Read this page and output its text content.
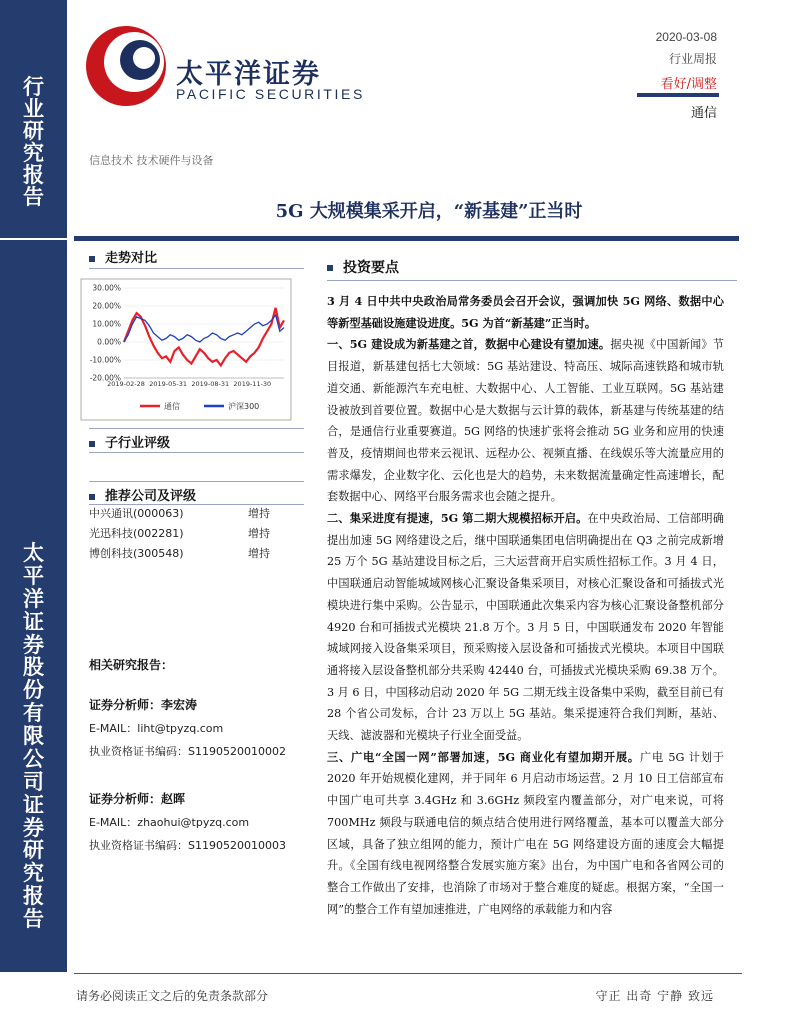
行
业
研
究
报
告
太
平
洋
证
券
股
份
有
限
公
司
证
券
研
究
报
告
太平洋证券
PACIFIC SECURITIES
2020-03-08
行业周报
看好/调整
通信
信息技术 技术硬件与设备
5G 大规模集采开启，“新基建”正当时
走势对比
30.00%
20.00%
10.00%
0.00%
-10.00%
-20.00%
2019-02-28 2019-05-31 2019-08-31 2019-11-30
通信	沪深300
子行业评级
推荐公司及评级
中兴通讯(000063)	增持
光迅科技(002281)	增持
博创科技(300548)	增持
相关研究报告：
证券分析师：李宏涛
E-MAIL：liht@tpyzq.com
执业资格证书编码：S1190520010002
证券分析师：赵晖
E-MAIL：zhaohui@tpyzq.com
执业资格证书编码：S1190520010003
投资要点

3 月 4 日中共中央政治局常务委员会召开会议，强调加快 5G 网络、数据中心等新型基础设施建设进度。5G 为首“新基建”正当时。

一、5G 建设成为新基建之首，数据中心建设有望加速。据央视《中国新闻》节目报道，新基建包括七大领域：5G 基站建设、特高压、城际高速铁路和城市轨道交通、新能源汽车充电桩、大数据中心、人工智能、工业互联网。5G 基站建设被放到首要位置。数据中心是大数据与云计算的载体，新基建与传统基建的结合，是通信行业重要赛道。5G 网络的快速扩张将会推动 5G 业务和应用的快速普及，疫情期间也带来云视讯、远程办公、视频直播、在线娱乐等大流量应用的需求爆发，企业数字化、云化也是大的趋势，未来数据流量确定性高速增长，配套数据中心、网络平台服务需求也会随之提升。

二、集采进度有提速，5G 第二期大规模招标开启。在中央政治局、工信部明确提出加速 5G 网络建设之后，继中国联通集团电信明确提出在 Q3 之前完成新增 25 万个 5G 基站建设目标之后，三大运营商开启实质性招标工作。3 月 4 日，中国联通启动智能城域网核心汇聚设备集采项目，对核心汇聚设备和可插拔式光模块进行集中采购。公告显示，中国联通此次集采内容为核心汇聚设备整机部分 4920 台和可插拔式光模块 21.8 万个。3 月 5 日，中国联通发布 2020 年智能城域网接入设备集采项目，预采购接入层设备和可插拔式光模块。本项目中国联通将接入层设备整机部分共采购 42440 台，可插拔式光模块采购 69.38 万个。3 月 6 日，中国移动启动 2020 年 5G 二期无线主设备集中采购，截至目前已有 28 个省公司发标，合计 23 万以上 5G 基站。集采提速符合我们判断，基站、天线、滤波器和光模块子行业全面受益。

三、广电“全国一网”部署加速，5G 商业化有望加期开展。广电 5G 计划于 2020 年开始规模化建网，并于同年 6 月启动市场运营。2 月 10 日工信部宣布中国广电可共享 3.4GHz 和 3.6GHz 频段室内覆盖部分，对广电来说，可将 700MHz 频段与联通电信的频点结合使用进行网络覆盖，基本可以覆盖大部分区域，具备了独立组网的能力，预计广电在 5G 网络建设方面的速度会大幅提升。《全国有线电视网络整合发展实施方案》出台，为中国广电和各省网公司的整合工作做出了安排，也消除了市场对于整合难度的疑虑。根据方案，“全国一网”的整合工作有望加速推进，广电网络的承载能力和内容

请务必阅读正文之后的免责条款部分	守正 出奇 宁静 致远
